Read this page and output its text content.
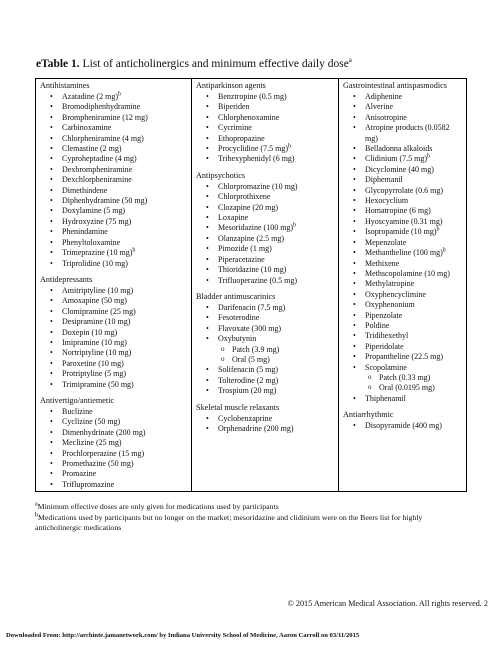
eTable 1. List of anticholinergics and minimum effective daily dose$^a$
Antihistamines
• Azatadine (2 mg)$^b$
• Bromodiphenhydramine
• Brompheniramine (12 mg)
• Carbinoxamine
• Chlorpheniramine (4 mg)
• Clemastine (2 mg)
• Cyproheptadine (4 mg)
• Dexbrompheniramine
• Dexchlorpheniramine
• Dimethindene
• Diphenhydramine (50 mg)
• Doxylamine (5 mg)
• Hydroxyzine (75 mg)
• Phenindamine
• Phenyltoloxamine
• Trimeprazine (10 mg)$^b$
• Triprolidine (10 mg)
Antidepressants
• Amitriptyline (10 mg)
• Amoxapine (50 mg)
• Clomipramine (25 mg)
• Desipramine (10 mg)
• Doxepin (10 mg)
• Imipramine (10 mg)
• Nortriptyline (10 mg)
• Paroxetine (10 mg)
• Protriptyline (5 mg)
• Trimipramine (50 mg)
Antivertigo/antiemetic
• Buclizine
• Cyclizine (50 mg)
• Dimenhydrinate (200 mg)
• Meclizine (25 mg)
• Prochlorperazine (15 mg)
• Promethazine (50 mg)
• Promazine
• Triflupromazine
Antiparkinson agents
• Benztropine (0.5 mg)
• Biperiden
• Chlorphenoxamine
• Cycrimine
• Ethopropazine
• Procyclidine (7.5 mg)$^b$
• Trihexyphenidyl (6 mg)
Antipsychotics
• Chlorpromazine (10 mg)
• Chlorprothixene
• Clozapine (20 mg)
• Loxapine
• Mesoridazine (100 mg)$^b$
• Olanzapine (2.5 mg)
• Pimozide (1 mg)
• Piperacetazine
• Thioridazine (10 mg)
• Trifluoperazine (0.5 mg)
Bladder antimuscarinics
• Darifenacin (7.5 mg)
• Fesoterodine
• Flavoxate (300 mg)
• Oxybutynin
o Patch (3.9 mg)
o Oral (5 mg)
• Solifenacin (5 mg)
• Tolterodine (2 mg)
• Trospium (20 mg)
Skeletal muscle relaxants
• Cyclobenzaprine
• Orphenadrine (200 mg)
Gastrointestinal antispasmodics
• Adiphenine
• Alverine
• Anisotropine
• Atropine products (0.0582 mg)
• Belladonna alkaloids
• Clidinium (7.5 mg)$^b$
• Dicyclomine (40 mg)
• Diphemanil
• Glycopyrrolate (0.6 mg)
• Hexocyclium
• Homatropine (6 mg)
• Hyoscyamine (0.31 mg)
• Isopropamide (10 mg)$^b$
• Mepenzolate
• Methantheline (100 mg)$^b$
• Methixene
• Methscopolamine (10 mg)
• Methylatropine
• Oxyphencyclimine
• Oxyphenonium
• Pipenzolate
• Poldine
• Tridihexethyl
• Piperidolate
• Propantheline (22.5 mg)
• Scopolamine
o Patch (0.33 mg)
o Oral (0.0195 mg)
• Thiphenamil
Antiarrhythmic
• Disopyramide (400 mg)
$^a$Minimum effective doses are only given for medications used by participants
$^b$Medications used by participants but no longer on the market; mesoridazine and clidinium were on the Beers list for highly
anticholinergic medications
© 2015 American Medical Association. All rights reserved. 2
Downloaded From: http://archinte.jamanetwork.com/ by Indiana University School of Medicine, Aaron Carroll on 03/11/2015
